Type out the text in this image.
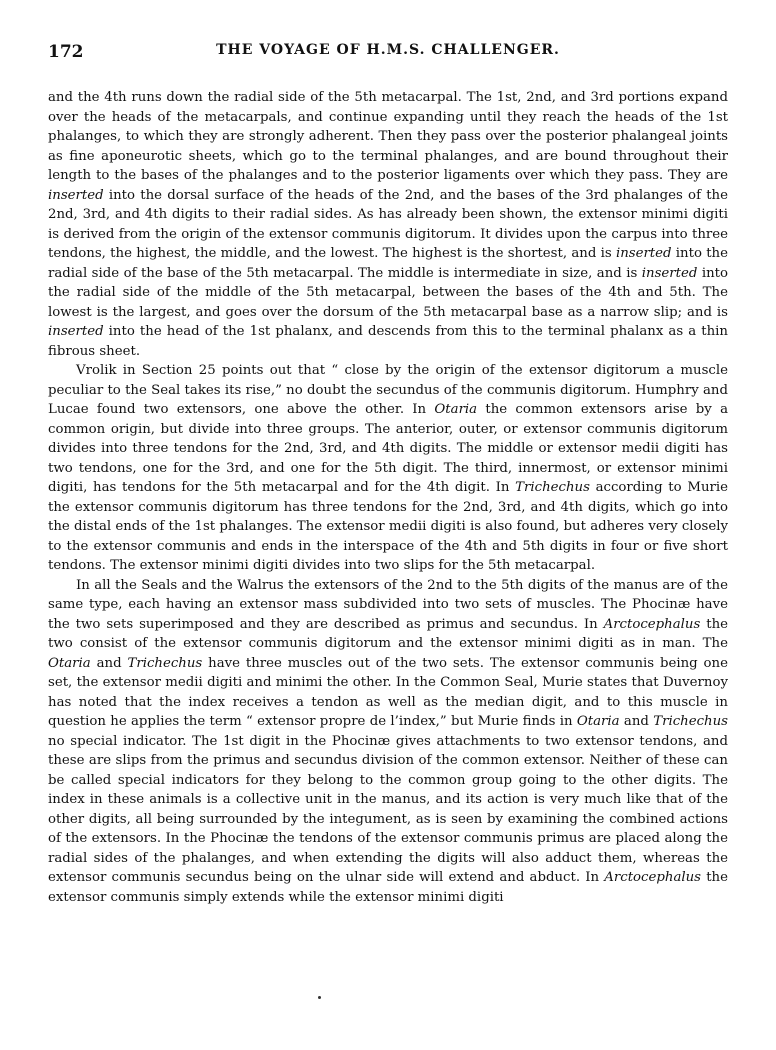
172	THE VOYAGE OF H.M.S. CHALLENGER.

and the 4th runs down the radial side of the 5th metacarpal. The 1st, 2nd, and 3rd portions expand over the heads of the metacarpals, and continue expanding until they reach the heads of the 1st phalanges, to which they are strongly adherent. Then they pass over the posterior phalangeal joints as fine aponeurotic sheets, which go to the terminal phalanges, and are bound throughout their length to the bases of the phalanges and to the posterior ligaments over which they pass. They are inserted into the dorsal surface of the heads of the 2nd, and the bases of the 3rd phalanges of the 2nd, 3rd, and 4th digits to their radial sides. As has already been shown, the extensor minimi digiti is derived from the origin of the extensor communis digitorum. It divides upon the carpus into three tendons, the highest, the middle, and the lowest. The highest is the shortest, and is inserted into the radial side of the base of the 5th metacarpal. The middle is intermediate in size, and is inserted into the radial side of the middle of the 5th metacarpal, between the bases of the 4th and 5th. The lowest is the largest, and goes over the dorsum of the 5th metacarpal base as a narrow slip; and is inserted into the head of the 1st phalanx, and descends from this to the terminal phalanx as a thin fibrous sheet.

Vrolik in Section 25 points out that “ close by the origin of the extensor digitorum a muscle peculiar to the Seal takes its rise,” no doubt the secundus of the communis digitorum. Humphry and Lucae found two extensors, one above the other. In Otaria the common extensors arise by a common origin, but divide into three groups. The anterior, outer, or extensor communis digitorum divides into three tendons for the 2nd, 3rd, and 4th digits. The middle or extensor medii digiti has two tendons, one for the 3rd, and one for the 5th digit. The third, innermost, or extensor minimi digiti, has tendons for the 5th metacarpal and for the 4th digit. In Trichechus according to Murie the extensor communis digitorum has three tendons for the 2nd, 3rd, and 4th digits, which go into the distal ends of the 1st phalanges. The extensor medii digiti is also found, but adheres very closely to the extensor communis and ends in the interspace of the 4th and 5th digits in four or five short tendons. The extensor minimi digiti divides into two slips for the 5th metacarpal.

In all the Seals and the Walrus the extensors of the 2nd to the 5th digits of the manus are of the same type, each having an extensor mass subdivided into two sets of muscles. The Phocinæ have the two sets superimposed and they are described as primus and secundus. In Arctocephalus the two consist of the extensor communis digitorum and the extensor minimi digiti as in man. The Otaria and Trichechus have three muscles out of the two sets. The extensor communis being one set, the extensor medii digiti and minimi the other. In the Common Seal, Murie states that Duvernoy has noted that the index receives a tendon as well as the median digit, and to this muscle in question he applies the term “ extensor propre de l’index,” but Murie finds in Otaria and Trichechus no special indicator. The 1st digit in the Phocinæ gives attachments to two extensor tendons, and these are slips from the primus and secundus division of the common extensor. Neither of these can be called special indicators for they belong to the common group going to the other digits. The index in these animals is a collective unit in the manus, and its action is very much like that of the other digits, all being surrounded by the integument, as is seen by examining the combined actions of the extensors. In the Phocinæ the tendons of the extensor communis primus are placed along the radial sides of the phalanges, and when extending the digits will also adduct them, whereas the extensor communis secundus being on the ulnar side will extend and abduct. In Arctocephalus the extensor communis simply extends while the extensor minimi digiti
